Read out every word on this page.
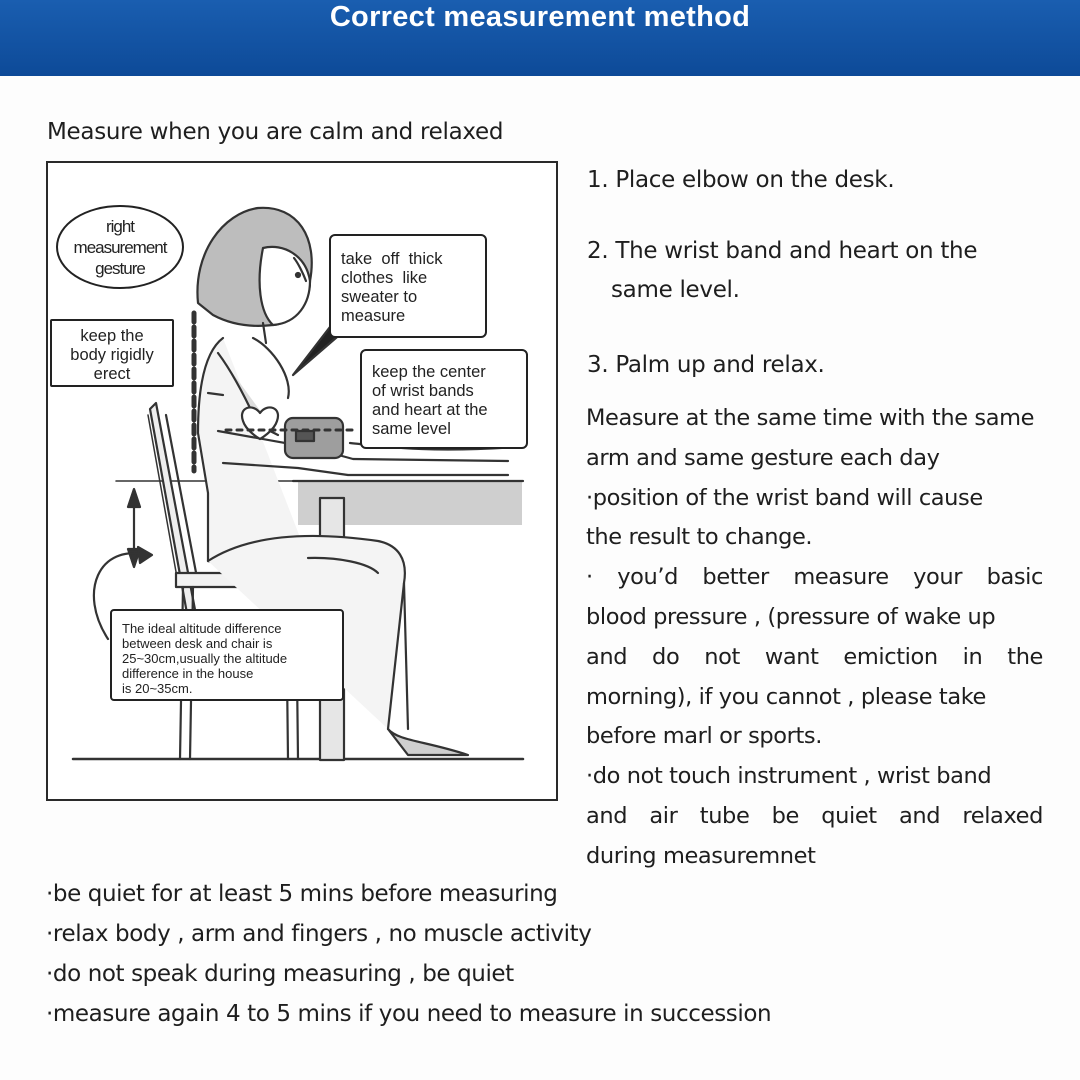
Correct measurement method
Measure when you are calm and relaxed
right
measurement
gesture
keep the
body rigidly
erect
take  off  thick
clothes  like
sweater to
measure
keep the center
of wrist bands
and heart at the
same level
The ideal altitude difference
between desk and chair is
25~30cm,usually the altitude
difference in the house
is 20~35cm.
1. Place elbow on the desk.
2. The wrist band and heart on the
same level.
3. Palm up and relax.
Measure at the same time with the same
arm and same gesture each day
·position of the wrist band will cause
the result to change.
· you’d better measure your basic
blood pressure , (pressure of wake up
and do not want emiction in the
morning), if you cannot , please take
before marl or sports.
·do not touch instrument , wrist band
and air tube be quiet and relaxed
during measuremnet
·be quiet for at least 5 mins before measuring
·relax body , arm and fingers , no muscle activity
·do not speak during measuring , be quiet
·measure again 4 to 5 mins if you need to measure in succession
